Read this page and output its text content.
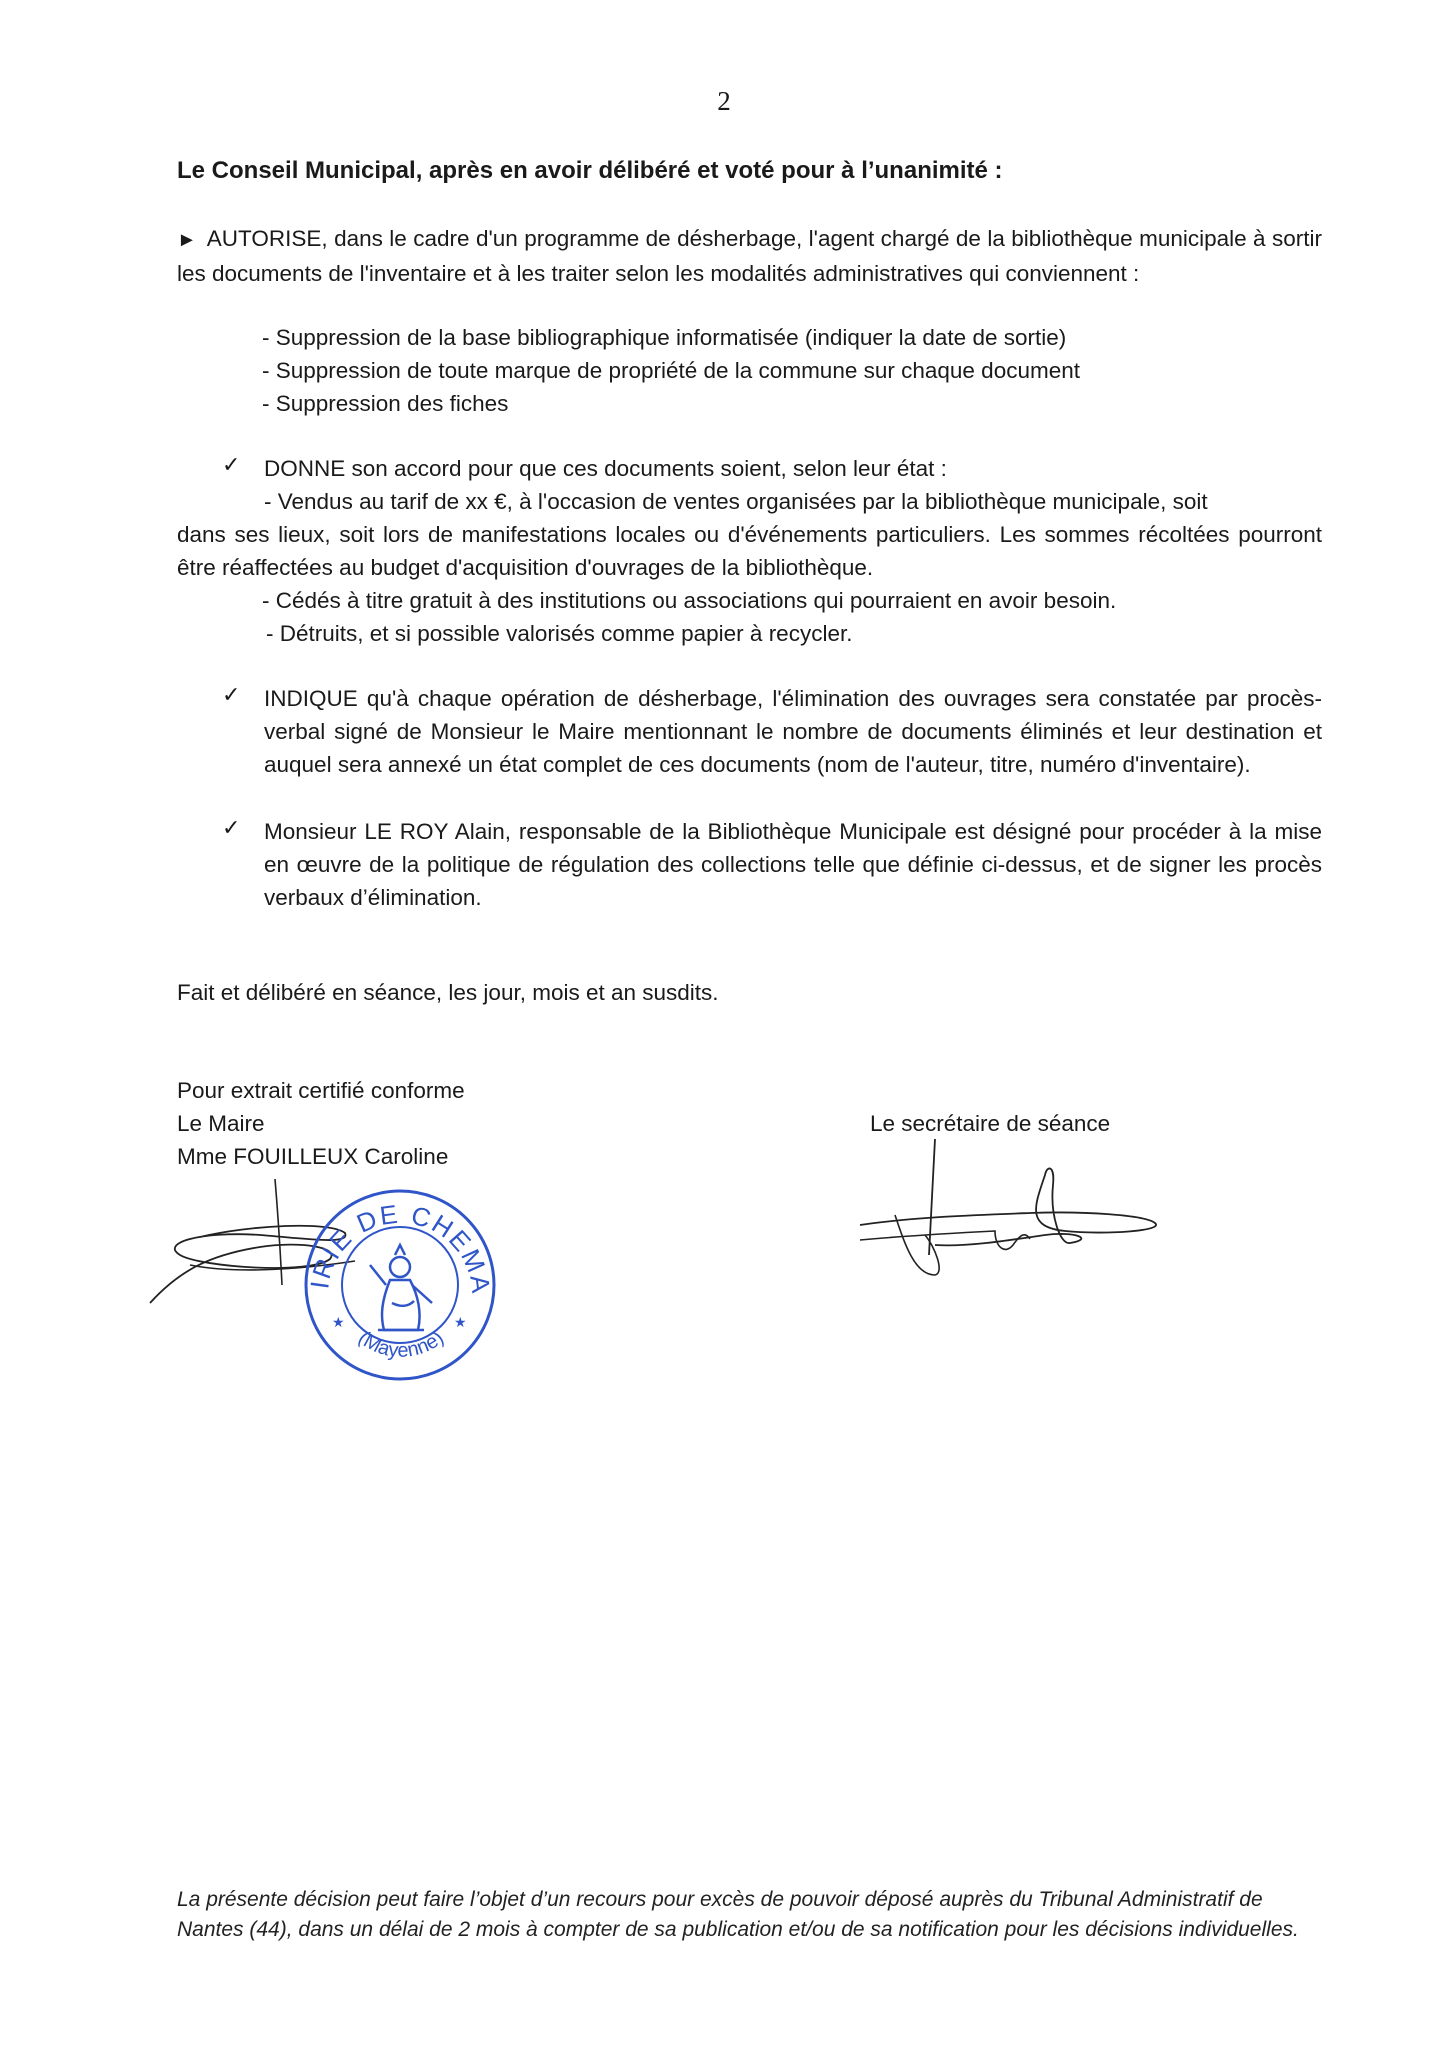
2
Le Conseil Municipal, après en avoir délibéré et voté pour à l’unanimité :
► AUTORISE, dans le cadre d'un programme de désherbage, l'agent chargé de la bibliothèque municipale à sortir les documents de l'inventaire et à les traiter selon les modalités administratives qui conviennent :
- Suppression de la base bibliographique informatisée (indiquer la date de sortie)
- Suppression de toute marque de propriété de la commune sur chaque document
- Suppression des fiches
✓ DONNE son accord pour que ces documents soient, selon leur état :
- Vendus au tarif de xx €, à l'occasion de ventes organisées par la bibliothèque municipale, soit
dans ses lieux, soit lors de manifestations locales ou d'événements particuliers. Les sommes récoltées pourront être réaffectées au budget d'acquisition d'ouvrages de la bibliothèque.
- Cédés à titre gratuit à des institutions ou associations qui pourraient en avoir besoin.
- Détruits, et si possible valorisés comme papier à recycler.
✓ INDIQUE qu'à chaque opération de désherbage, l'élimination des ouvrages sera constatée par procès-verbal signé de Monsieur le Maire mentionnant le nombre de documents éliminés et leur destination et auquel sera annexé un état complet de ces documents (nom de l'auteur, titre, numéro d'inventaire).
✓ Monsieur LE ROY Alain, responsable de la Bibliothèque Municipale est désigné pour procéder à la mise en œuvre de la politique de régulation des collections telle que définie ci-dessus, et de signer les procès verbaux d’élimination.
Fait et délibéré en séance, les jour, mois et an susdits.
Pour extrait certifié conforme
Le Maire
Mme FOUILLEUX Caroline
Le secrétaire de séance
MAIRIE DE CHEMAZE
(Mayenne)
★	★
La présente décision peut faire l’objet d’un recours pour excès de pouvoir déposé auprès du Tribunal Administratif de Nantes (44), dans un délai de 2 mois à compter de sa publication et/ou de sa notification pour les décisions individuelles.
